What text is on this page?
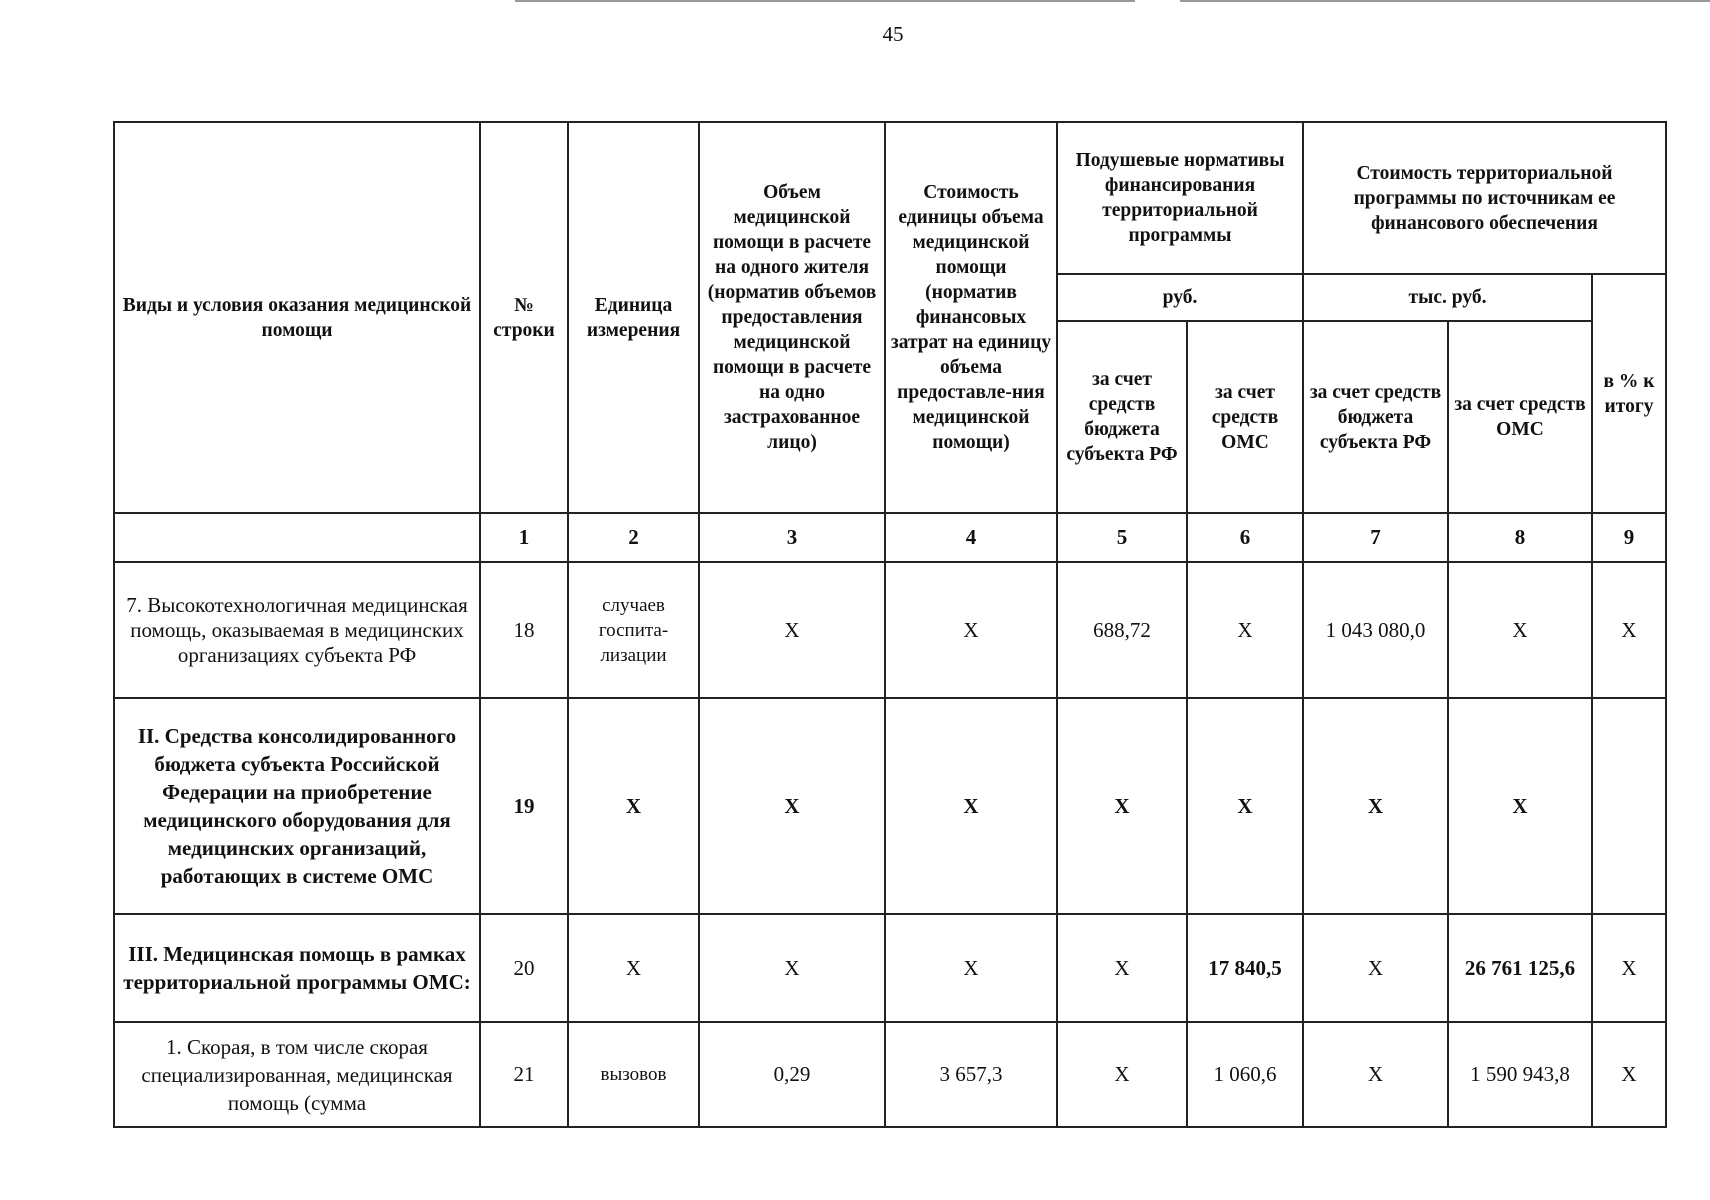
45
Виды и условия оказания медицинской помощи	№ строки	Единица измерения	Объем медицинской помощи в расчете на одного жителя (норматив объемов предоставления медицинской помощи в расчете на одно застрахованное лицо)	Стоимость единицы объема медицинской помощи (норматив финансовых затрат на единицу объема предоставле-ния медицинской помощи)	Подушевые нормативы финансирования территориальной программы		Стоимость территориальной программы по источникам ее финансового обеспечения		
					руб.		тыс. руб.		в % к итогу
					за счет средств бюджета субъекта РФ	за счет средств ОМС	за счет средств бюджета субъекта РФ	за счет средств ОМС	
	1	2	3	4	5	6	7	8	9
7. Высокотехнологичная медицинская помощь, оказываемая в медицинских организациях субъекта РФ	18	случаев госпита-лизации	Х	Х	688,72	Х	1 043 080,0	Х	Х
II. Средства консолидированного бюджета субъекта Российской Федерации на приобретение медицинского оборудования для медицинских организаций, работающих в системе ОМС	19	Х	Х	Х	Х	Х	Х	Х	
III. Медицинская помощь в рамках территориальной программы ОМС:	20	Х	Х	Х	Х	17 840,5	Х	26 761 125,6	Х
1. Скорая, в том числе скорая специализированная, медицинская помощь (сумма	21	вызовов	0,29	3 657,3	Х	1 060,6	Х	1 590 943,8	Х
